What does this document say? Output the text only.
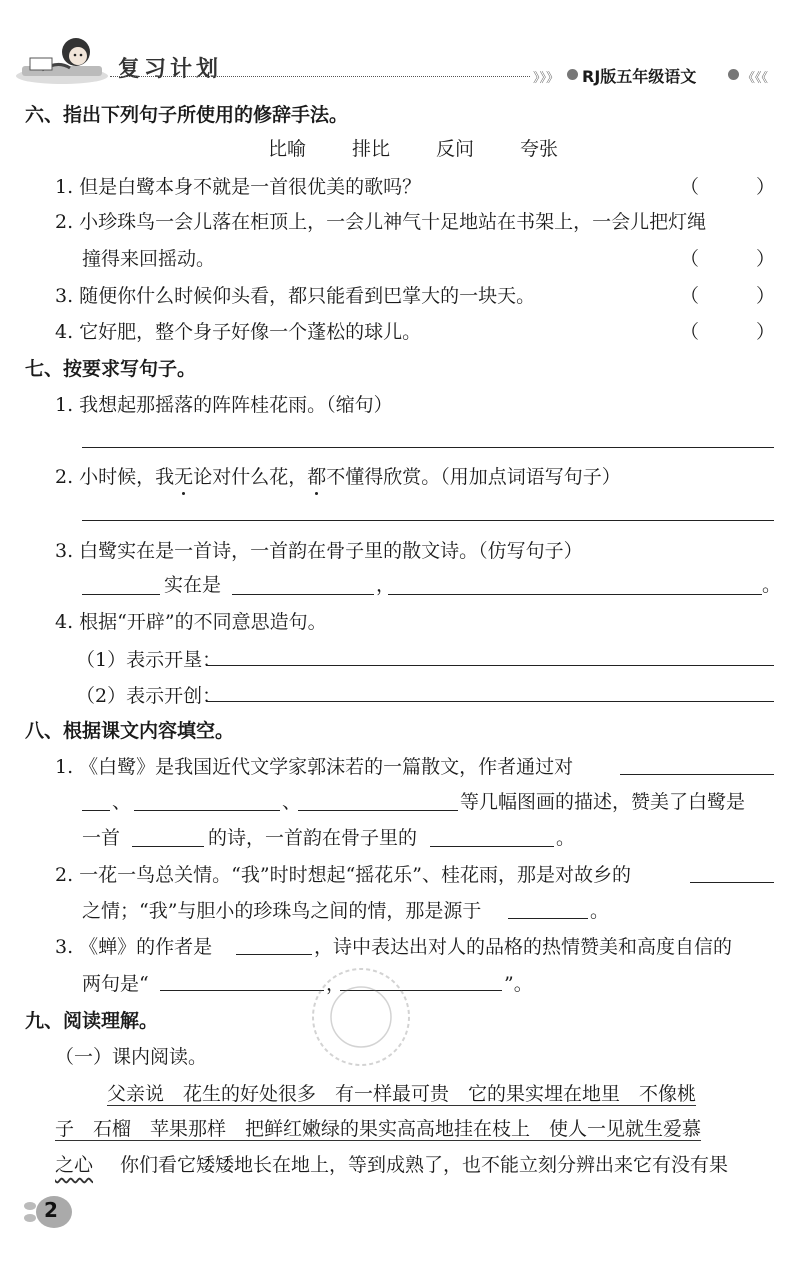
复习计划	》》》 RJ版五年级语文	《《《
六、指出下列句子所使用的修辞手法。
比喻 排比 反问 夸张
1. 但是白鹭本身不就是一首很优美的歌吗？	（　　　）
2. 小珍珠鸟一会儿落在柜顶上，一会儿神气十足地站在书架上，一会儿把灯绳
撞得来回摇动。	（　　　）
3. 随便你什么时候仰头看，都只能看到巴掌大的一块天。	（　　　）
4. 它好肥，整个身子好像一个蓬松的球儿。	（　　　）
七、按要求写句子。
1. 我想起那摇落的阵阵桂花雨。（缩句）
2. 小时候，我无论对什么花，都不懂得欣赏。（用加点词语写句子）
3. 白鹭实在是一首诗，一首韵在骨子里的散文诗。（仿写句子）
实在是	，	。
4. 根据“开辟”的不同意思造句。
（1）表示开垦：
（2）表示开创：
八、根据课文内容填空。
1. 《白鹭》是我国近代文学家郭沫若的一篇散文，作者通过对
、	、	等几幅图画的描述，赞美了白鹭是
一首	的诗，一首韵在骨子里的	。
2. 一花一鸟总关情。“我”时时想起“摇花乐”、桂花雨，那是对故乡的
之情；“我”与胆小的珍珠鸟之间的情，那是源于	。
3. 《蝉》的作者是	，诗中表达出对人的品格的热情赞美和高度自信的
两句是“	，	”。
九、阅读理解。
（一）课内阅读。
父亲说　花生的好处很多　有一样最可贵　它的果实埋在地里　不像桃
子　石榴　苹果那样　把鲜红嫩绿的果实高高地挂在枝上　使人一见就生爱慕
之心 你们看它矮矮地长在地上，等到成熟了，也不能立刻分辨出来它有没有果
2
